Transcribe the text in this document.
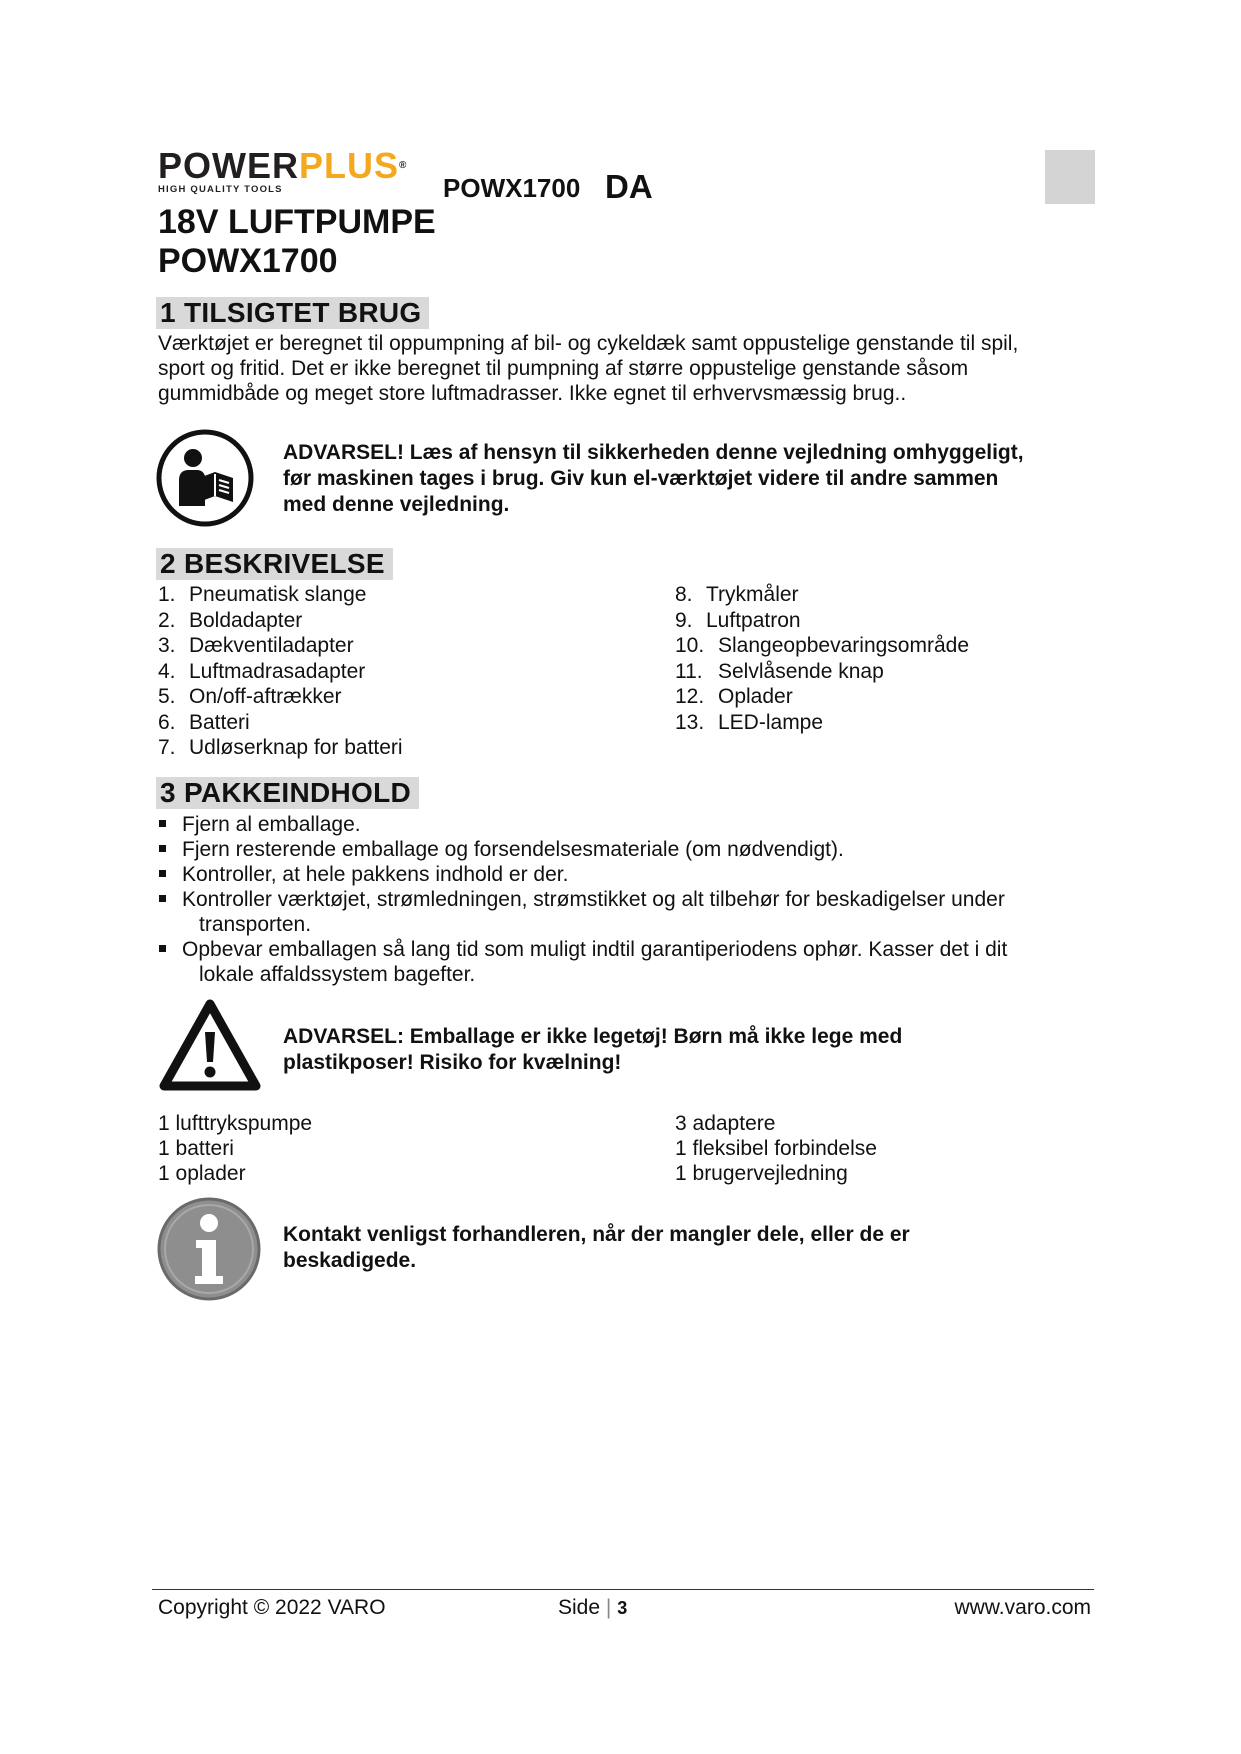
POWERPLUS®
HIGH QUALITY TOOLS	POWX1700 DA
18V LUFTPUMPE
POWX1700
1 TILSIGTET BRUG
Værktøjet er beregnet til oppumpning af bil- og cykeldæk samt oppustelige genstande til spil,
sport og fritid. Det er ikke beregnet til pumpning af større oppustelige genstande såsom
gummidbåde og meget store luftmadrasser. Ikke egnet til erhvervsmæssig brug..
ADVARSEL! Læs af hensyn til sikkerheden denne vejledning omhyggeligt,
før maskinen tages i brug. Giv kun el-værktøjet videre til andre sammen
med denne vejledning.
2 BESKRIVELSE
1. Pneumatisk slange
2. Boldadapter
3. Dækventiladapter
4. Luftmadrasadapter
5. On/off-aftrækker
6. Batteri
7. Udløserknap for batteri
8. Trykmåler
9. Luftpatron
10. Slangeopbevaringsområde
11. Selvlåsende knap
12. Oplader
13. LED-lampe
3 PAKKEINDHOLD
Fjern al emballage.
Fjern resterende emballage og forsendelsesmateriale (om nødvendigt).
Kontroller, at hele pakkens indhold er der.
Kontroller værktøjet, strømledningen, strømstikket og alt tilbehør for beskadigelser under
transporten.
Opbevar emballagen så lang tid som muligt indtil garantiperiodens ophør. Kasser det i dit
lokale affaldssystem bagefter.
ADVARSEL: Emballage er ikke legetøj! Børn må ikke lege med
plastikposer! Risiko for kvælning!
1 lufttrykspumpe
1 batteri
1 oplader
3 adaptere
1 fleksibel forbindelse
1 brugervejledning
Kontakt venligst forhandleren, når der mangler dele, eller de er
beskadigede.
Copyright © 2022 VARO	Side | 3	www.varo.com
